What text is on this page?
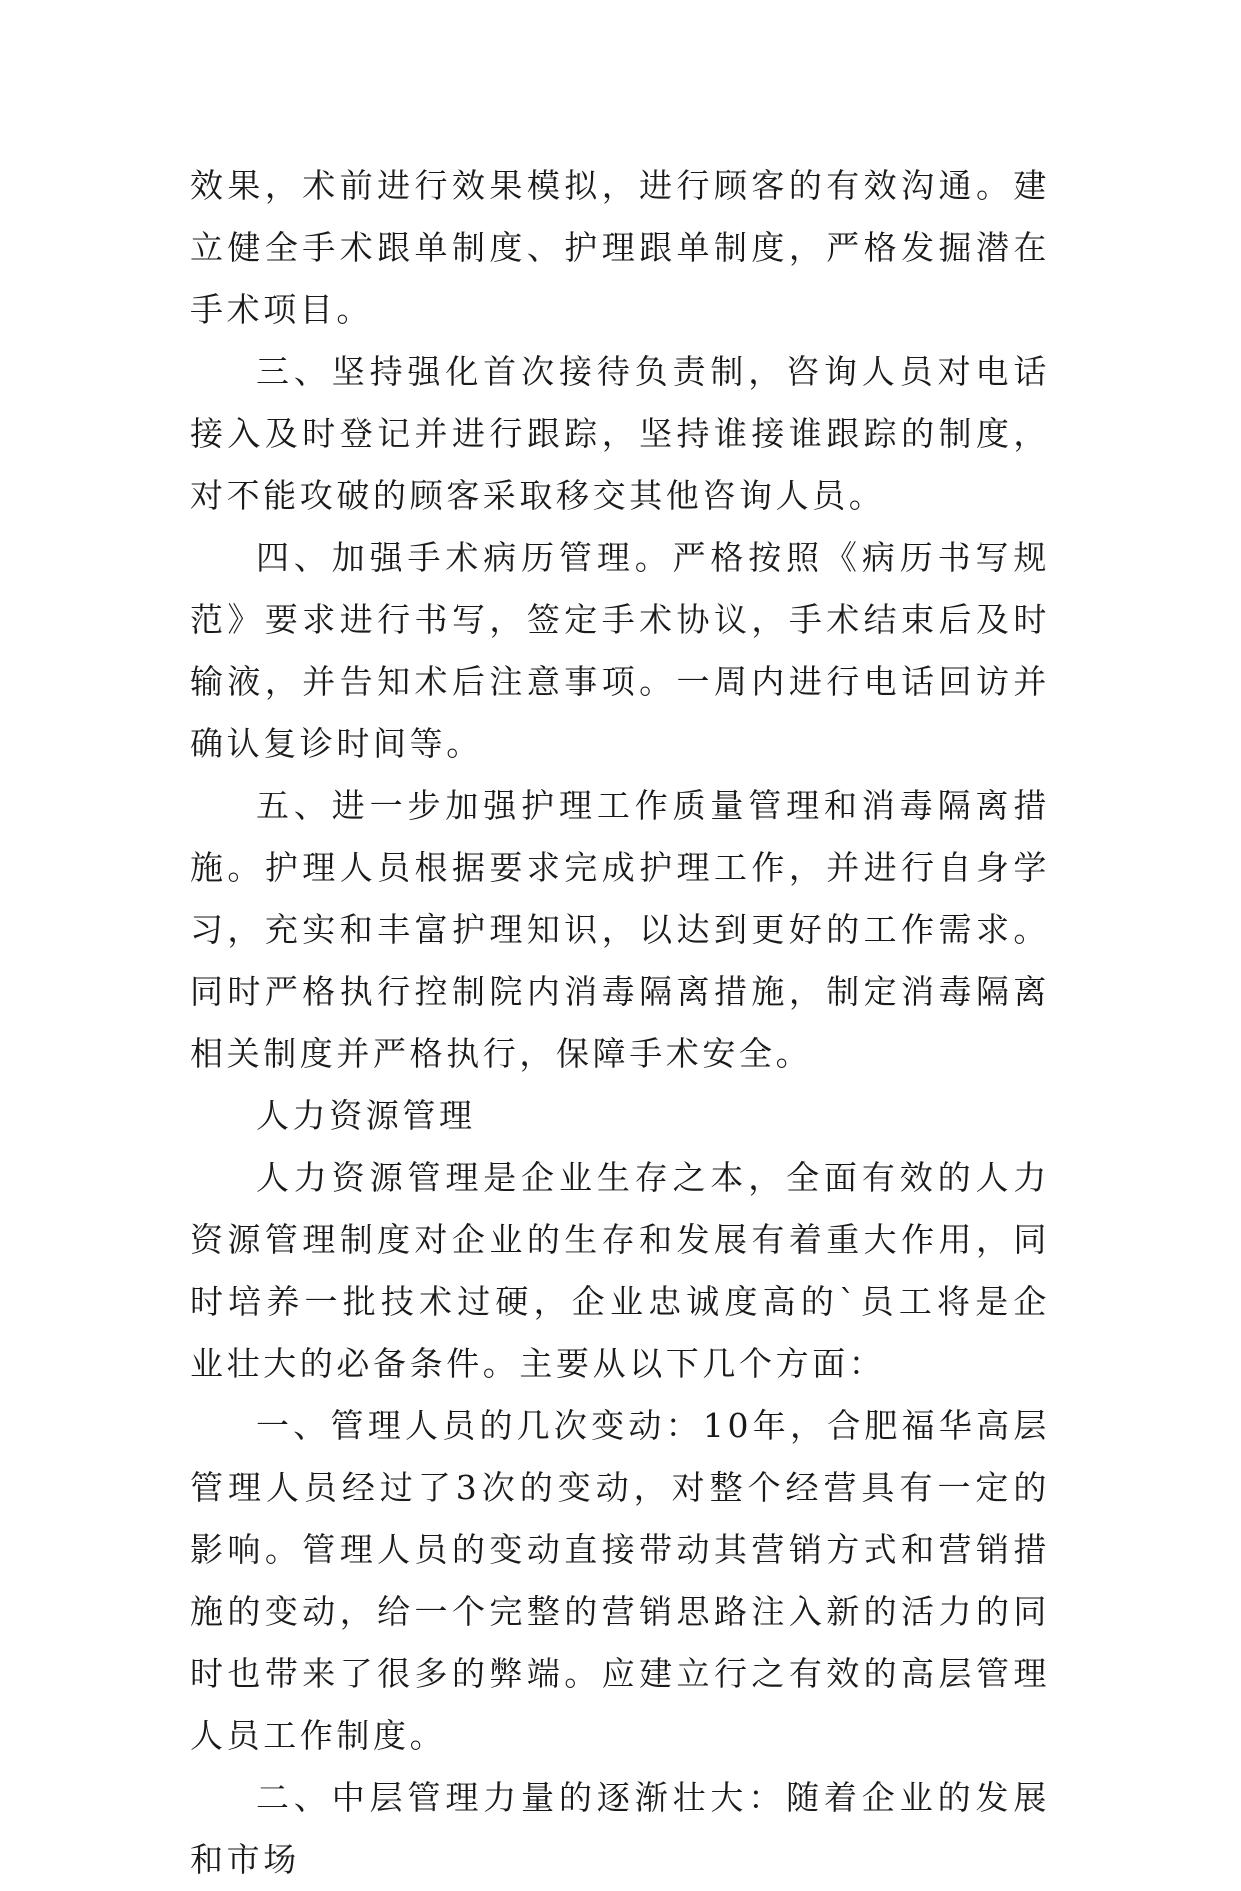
效果，术前进行效果模拟，进行顾客的有效沟通。建立健全手术跟单制度、护理跟单制度，严格发掘潜在手术项目。

三、坚持强化首次接待负责制，咨询人员对电话接入及时登记并进行跟踪，坚持谁接谁跟踪的制度，对不能攻破的顾客采取移交其他咨询人员。

四、加强手术病历管理。严格按照《病历书写规范》要求进行书写，签定手术协议，手术结束后及时输液，并告知术后注意事项。一周内进行电话回访并确认复诊时间等。

五、进一步加强护理工作质量管理和消毒隔离措施。护理人员根据要求完成护理工作，并进行自身学习，充实和丰富护理知识，以达到更好的工作需求。同时严格执行控制院内消毒隔离措施，制定消毒隔离相关制度并严格执行，保障手术安全。

人力资源管理

人力资源管理是企业生存之本，全面有效的人力资源管理制度对企业的生存和发展有着重大作用，同时培养一批技术过硬，企业忠诚度高的`员工将是企业壮大的必备条件。主要从以下几个方面：

一、管理人员的几次变动：10年，合肥福华高层管理人员经过了3次的变动，对整个经营具有一定的影响。管理人员的变动直接带动其营销方式和营销措施的变动，给一个完整的营销思路注入新的活力的同时也带来了很多的弊端。应建立行之有效的高层管理人员工作制度。

二、中层管理力量的逐渐壮大：随着企业的发展和市场
